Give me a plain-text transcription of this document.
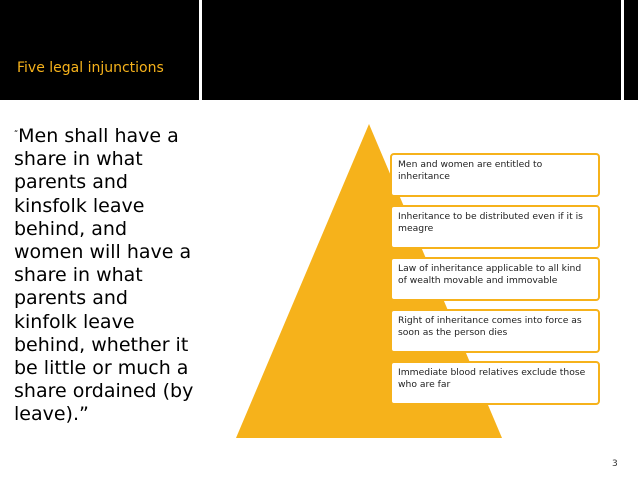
Five legal injunctions
“Men shall have a share in what parents and kinsfolk leave behind, and women will have a share in what parents and kinfolk leave behind, whether it be little or much a share ordained (by leave).”
Men and women are entitled to inheritance
Inheritance to be distributed even if it is meagre
Law of inheritance applicable to all kind of wealth movable and immovable
Right of inheritance comes into force as soon as the person dies
Immediate blood relatives exclude those who are far
3
